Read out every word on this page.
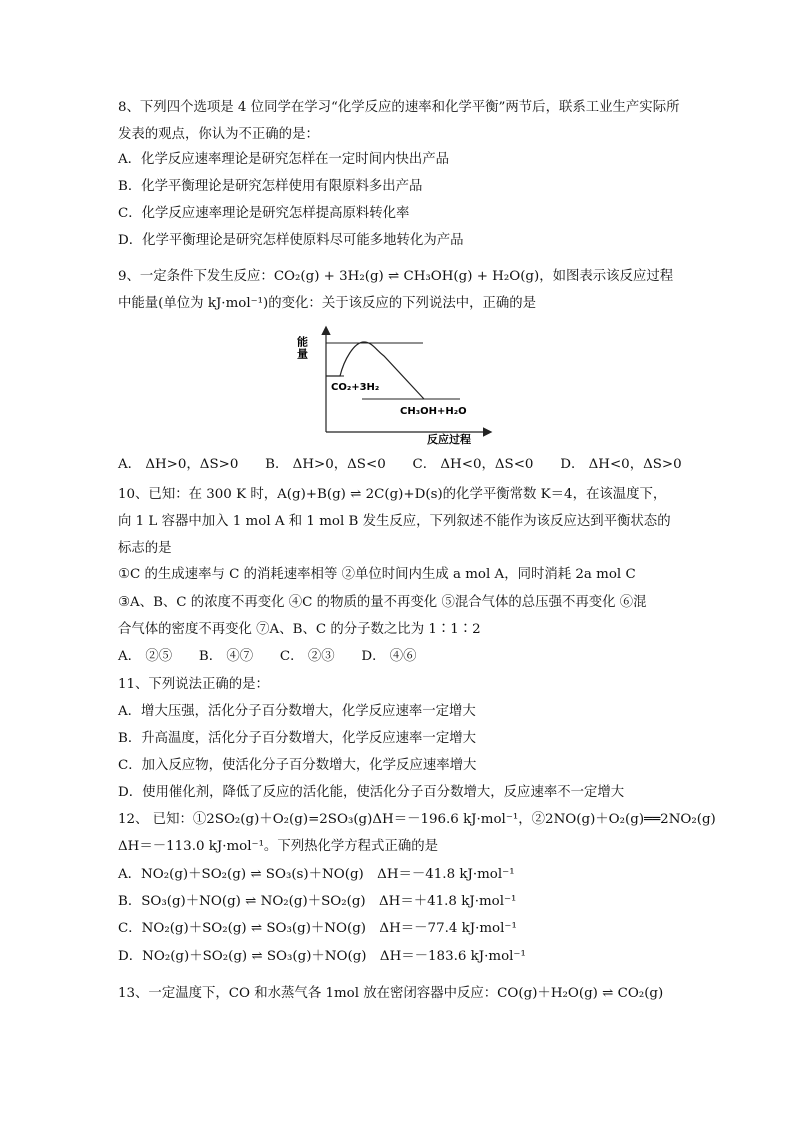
8、下列四个选项是 4 位同学在学习“化学反应的速率和化学平衡”两节后，联系工业生产实际所发表的观点，你认为不正确的是：
A．化学反应速率理论是研究怎样在一定时间内快出产品
B．化学平衡理论是研究怎样使用有限原料多出产品
C．化学反应速率理论是研究怎样提高原料转化率
D．化学平衡理论是研究怎样使原料尽可能多地转化为产品
9、一定条件下发生反应：CO₂(g) + 3H₂(g) ⇌ CH₃OH(g) + H₂O(g)，如图表示该反应过程
中能量(单位为 kJ·mol⁻¹)的变化：关于该反应的下列说法中，正确的是
能量
CO₂+3H₂
CH₃OH+H₂O
反应过程
A． ΔH>0，ΔS>0　　B． ΔH>0，ΔS<0　　C． ΔH<0，ΔS<0　　D． ΔH<0，ΔS>0
10、已知：在 300 K 时，A(g)+B(g) ⇌ 2C(g)+D(s)的化学平衡常数 K＝4，在该温度下，
向 1 L 容器中加入 1 mol A 和 1 mol B 发生反应，下列叙述不能作为该反应达到平衡状态的
标志的是
①C 的生成速率与 C 的消耗速率相等 ②单位时间内生成 a mol A，同时消耗 2a mol C
③A、B、C 的浓度不再变化 ④C 的物质的量不再变化 ⑤混合气体的总压强不再变化 ⑥混
合气体的密度不再变化 ⑦A、B、C 的分子数之比为 1∶1∶2
A． ②⑤　　B． ④⑦　　C． ②③　　D． ④⑥
11、下列说法正确的是：
A．增大压强，活化分子百分数增大，化学反应速率一定增大
B．升高温度，活化分子百分数增大，化学反应速率一定增大
C．加入反应物，使活化分子百分数增大，化学反应速率增大
D．使用催化剂，降低了反应的活化能，使活化分子百分数增大，反应速率不一定增大
12、 已知：①2SO₂(g)＋O₂(g)=2SO₃(g)ΔH＝－196.6 kJ·mol⁻¹，②2NO(g)＋O₂(g)══2NO₂(g)
ΔH＝－113.0 kJ·mol⁻¹。下列热化学方程式正确的是
A．NO₂(g)＋SO₂(g) ⇌ SO₃(s)＋NO(g)　ΔH＝－41.8 kJ·mol⁻¹
B．SO₃(g)＋NO(g) ⇌ NO₂(g)＋SO₂(g)　ΔH＝＋41.8 kJ·mol⁻¹
C．NO₂(g)＋SO₂(g) ⇌ SO₃(g)＋NO(g)　ΔH＝－77.4 kJ·mol⁻¹
D．NO₂(g)＋SO₂(g) ⇌ SO₃(g)＋NO(g)　ΔH＝－183.6 kJ·mol⁻¹
13、一定温度下，CO 和水蒸气各 1mol 放在密闭容器中反应：CO(g)＋H₂O(g) ⇌ CO₂(g)
